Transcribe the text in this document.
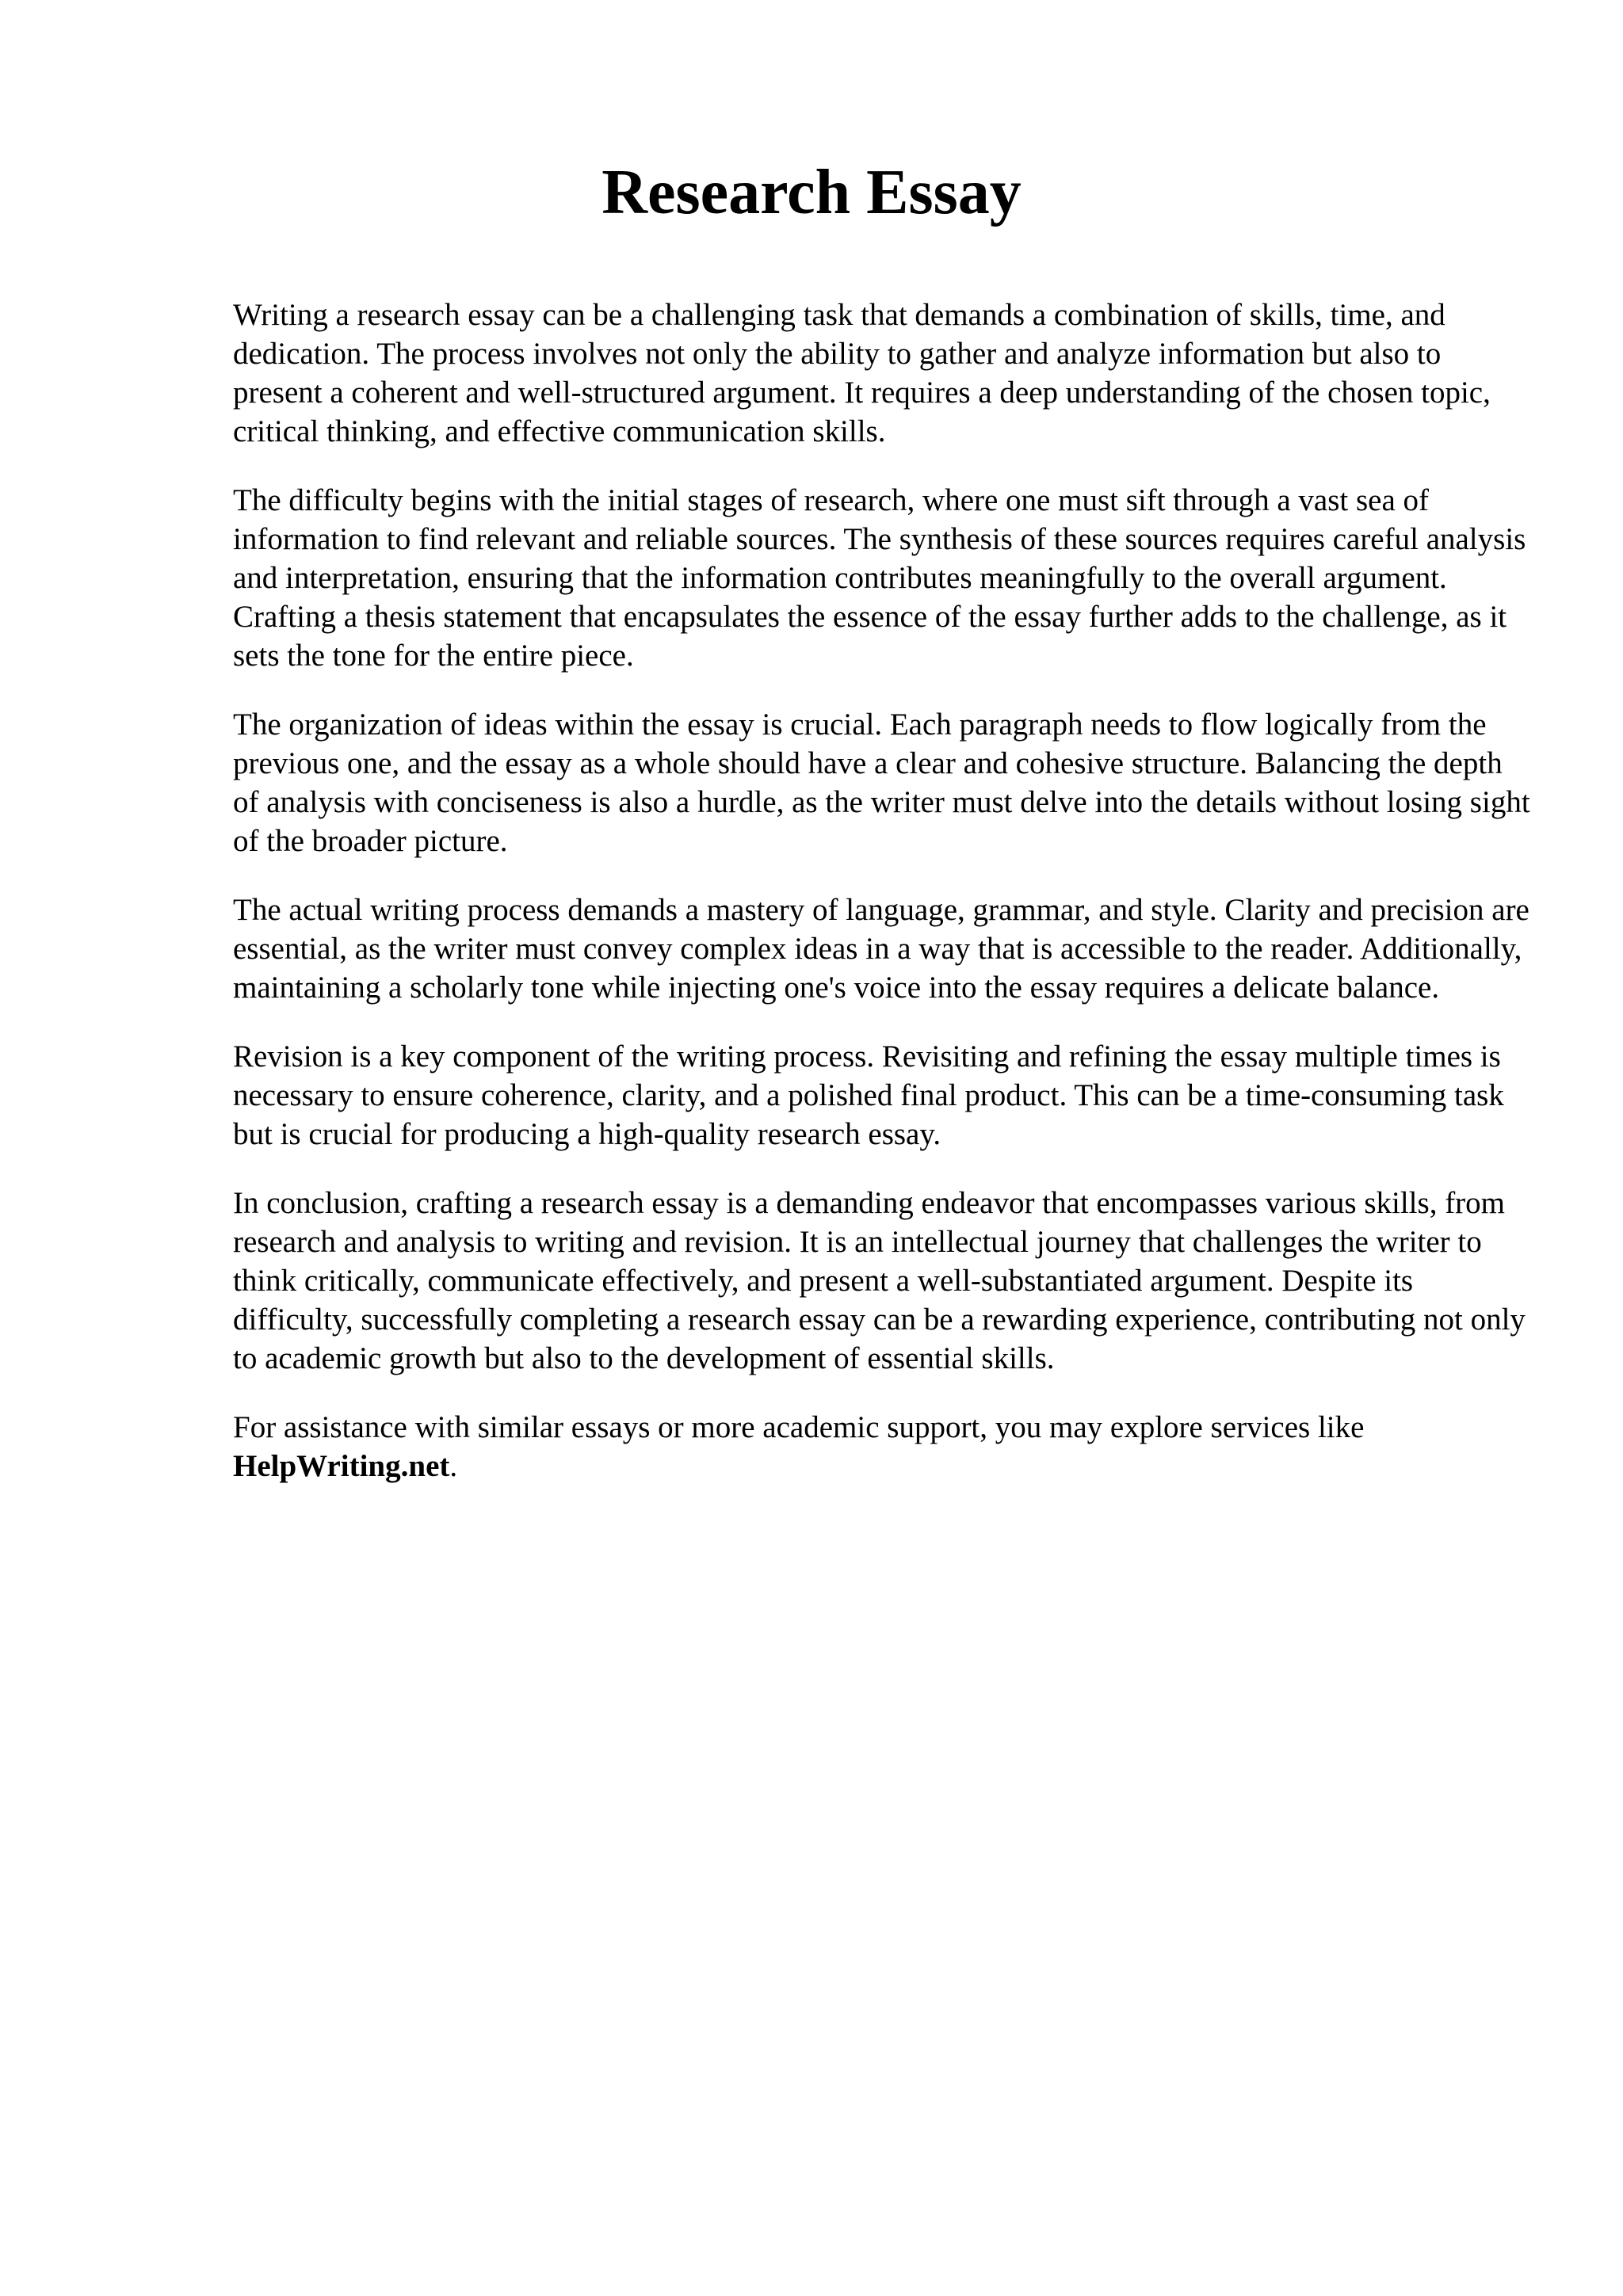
Research Essay

Writing a research essay can be a challenging task that demands a combination of skills, time, and dedication. The process involves not only the ability to gather and analyze information but also to present a coherent and well-structured argument. It requires a deep understanding of the chosen topic, critical thinking, and effective communication skills.

The difficulty begins with the initial stages of research, where one must sift through a vast sea of information to find relevant and reliable sources. The synthesis of these sources requires careful analysis and interpretation, ensuring that the information contributes meaningfully to the overall argument. Crafting a thesis statement that encapsulates the essence of the essay further adds to the challenge, as it sets the tone for the entire piece.

The organization of ideas within the essay is crucial. Each paragraph needs to flow logically from the previous one, and the essay as a whole should have a clear and cohesive structure. Balancing the depth of analysis with conciseness is also a hurdle, as the writer must delve into the details without losing sight of the broader picture.

The actual writing process demands a mastery of language, grammar, and style. Clarity and precision are essential, as the writer must convey complex ideas in a way that is accessible to the reader. Additionally, maintaining a scholarly tone while injecting one's voice into the essay requires a delicate balance.

Revision is a key component of the writing process. Revisiting and refining the essay multiple times is necessary to ensure coherence, clarity, and a polished final product. This can be a time-consuming task but is crucial for producing a high-quality research essay.

In conclusion, crafting a research essay is a demanding endeavor that encompasses various skills, from research and analysis to writing and revision. It is an intellectual journey that challenges the writer to think critically, communicate effectively, and present a well-substantiated argument. Despite its difficulty, successfully completing a research essay can be a rewarding experience, contributing not only to academic growth but also to the development of essential skills.

For assistance with similar essays or more academic support, you may explore services like HelpWriting.net.
